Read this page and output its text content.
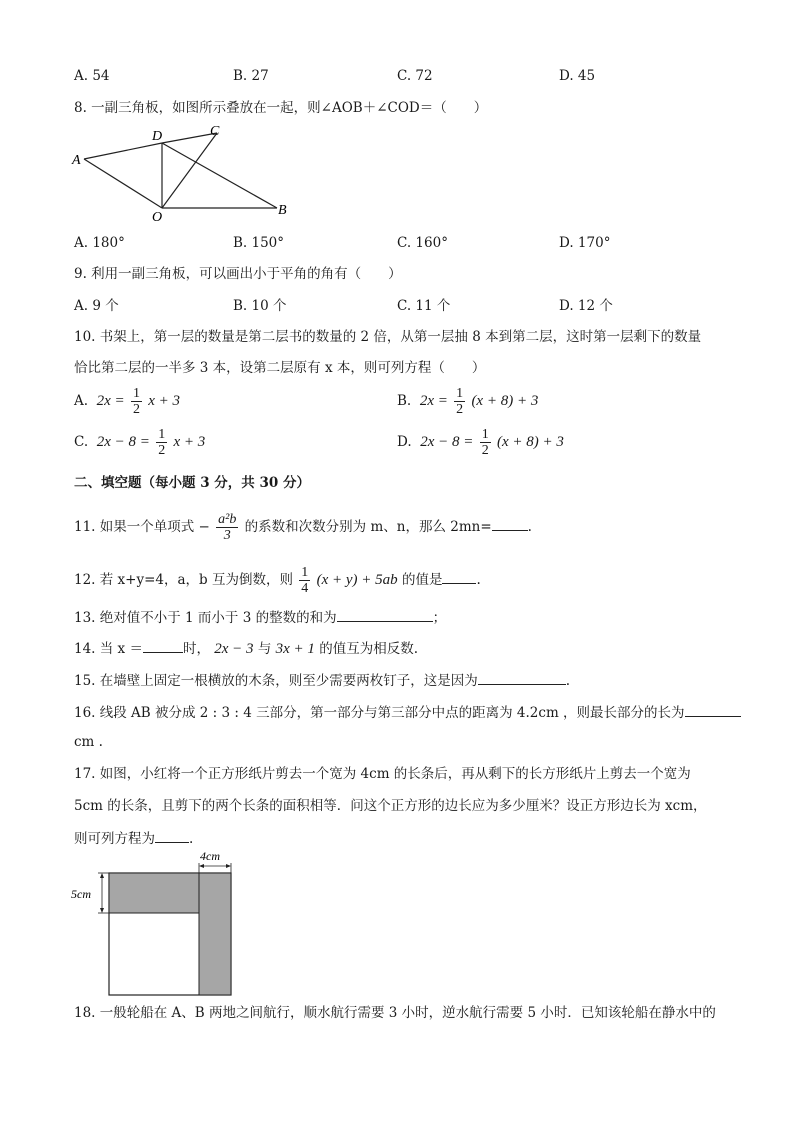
A. 54	B. 27	C. 72	D. 45
8. 一副三角板，如图所示叠放在一起，则∠AOB＋∠COD＝（　　）
A
D	C
O	B
A. 180°	B. 150°	C. 160°	D. 170°
9. 利用一副三角板，可以画出小于平角的角有（　　）
A. 9 个	B. 10 个	C. 11 个	D. 12 个
10. 书架上，第一层的数量是第二层书的数量的 2 倍，从第一层抽 8 本到第二层，这时第一层剩下的数量
恰比第二层的一半多 3 本，设第二层原有 x 本，则可列方程（　　）
A. $2x = \frac{1}{2}$ x + 3	B. $2x = \frac{1}{2} (x + 8) + 3$
C. $2x - 8 = \frac{1}{2}$ x + 3	D. $2x - 8 = \frac{1}{2} (x + 8) + 3$
二、填空题（每小题 3 分，共 30 分）
11. 如果一个单项式 − $\frac{\text{a²b}}{3}$ 的系数和次数分别为 m、n，那么 2mn=	.
12. 若 x+y=4，a，b 互为倒数，则 $\frac{1}{4} (x + y) + 5ab$ 的值是	.
13. 绝对值不小于 1 而小于 3 的整数的和为	；
14. 当 x ＝	时， 2x − 3 与 3x + 1 的值互为相反数.
15. 在墙壁上固定一根横放的木条，则至少需要两枚钉子，这是因为	.
16. 线段 AB 被分成 2 : 3 : 4 三部分，第一部分与第三部分中点的距离为 4.2cm ，则最长部分的长为
cm .
17. 如图，小红将一个正方形纸片剪去一个宽为 4cm 的长条后，再从剩下的长方形纸片上剪去一个宽为
5cm 的长条，且剪下的两个长条的面积相等．问这个正方形的边长应为多少厘米？设正方形边长为 xcm，
则可列方程为	.
4cm
5cm
18. 一般轮船在 A、B 两地之间航行，顺水航行需要 3 小时，逆水航行需要 5 小时．已知该轮船在静水中的
